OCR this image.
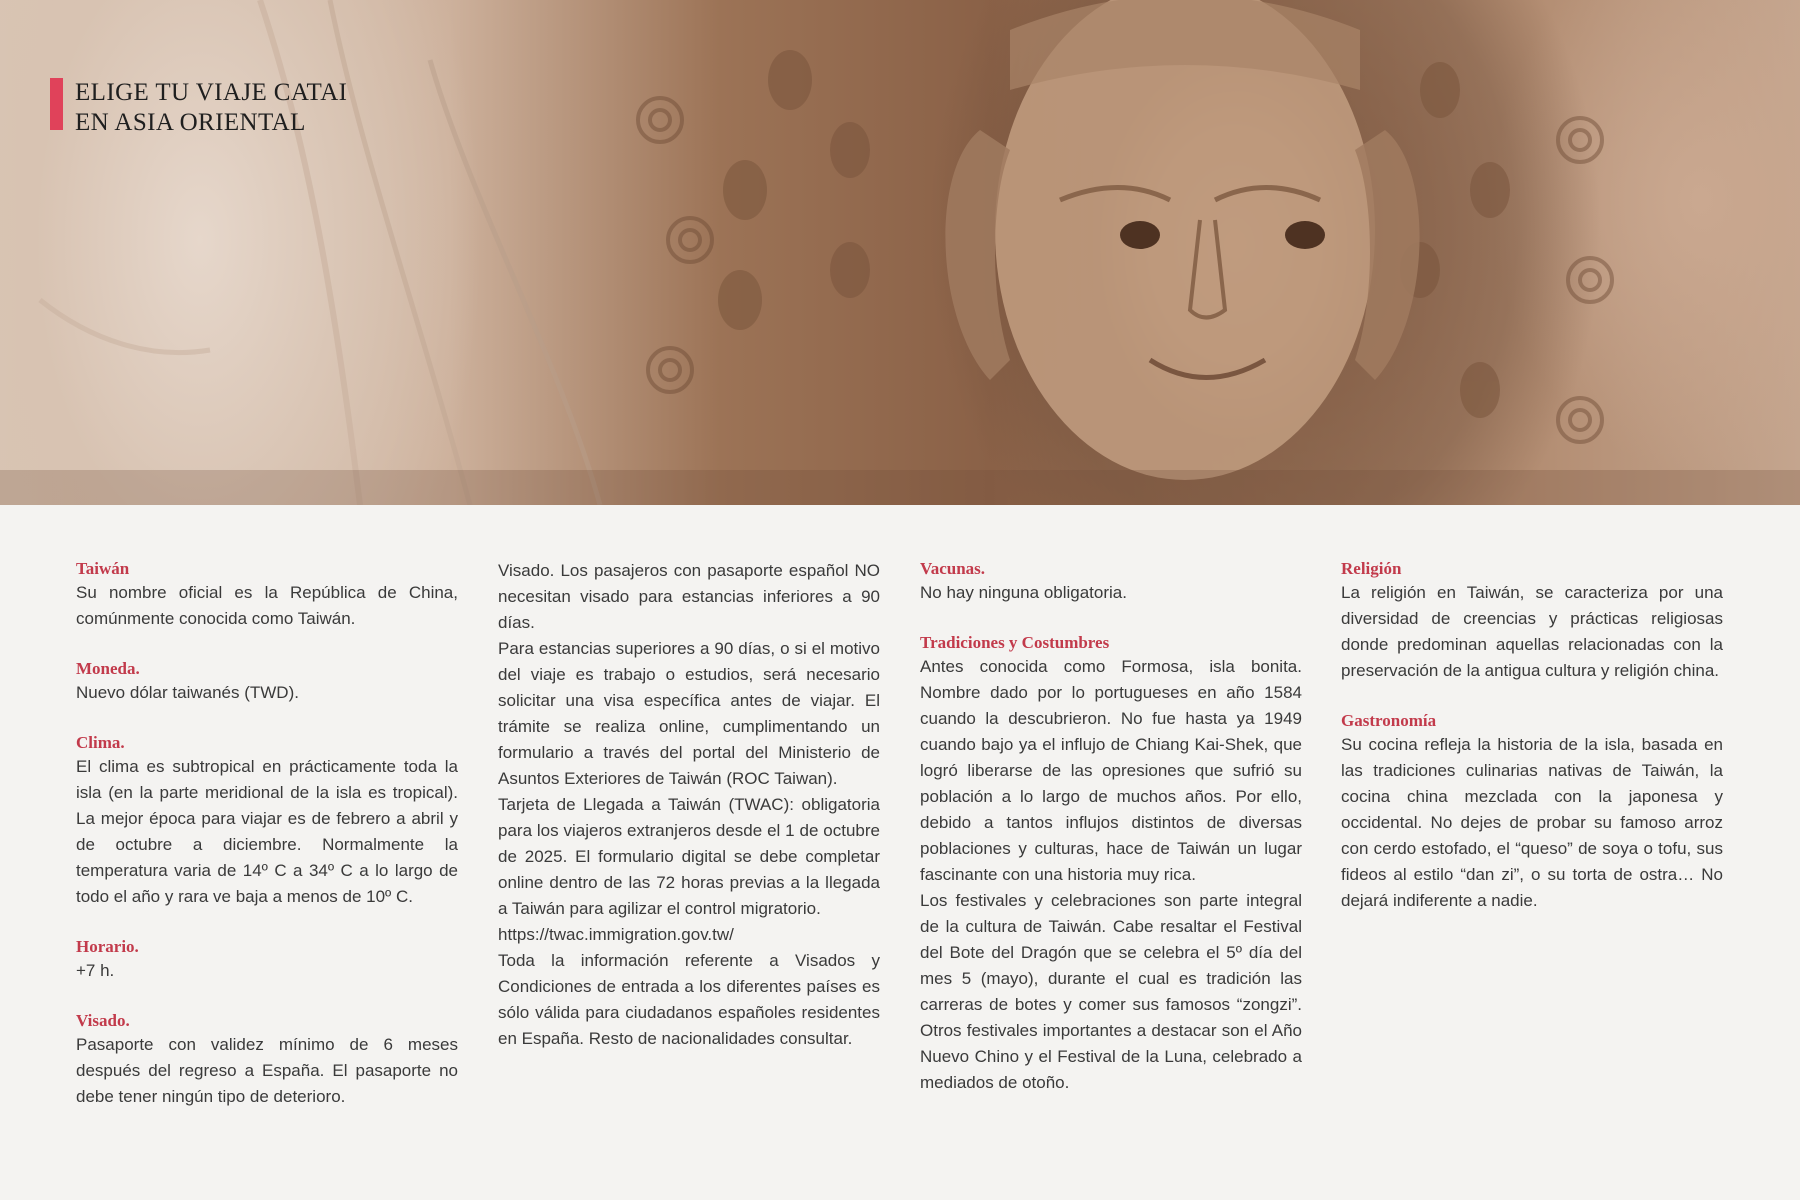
ELIGE TU VIAJE CATAI
EN ASIA ORIENTAL
Taiwán
Su nombre oficial es la República de China, comúnmente conocida como Taiwán.
Moneda.
Nuevo dólar taiwanés (TWD).
Clima.
El clima es subtropical en prácticamente toda la isla (en la parte meridional de la isla es tropical). La mejor época para viajar es de febrero a abril y de octubre a diciembre. Normalmente la temperatura varia de 14º C a 34º C a lo largo de todo el año y rara ve baja a menos de 10º C.
Horario.
+7 h.
Visado.
Pasaporte con validez mínimo de 6 meses después del regreso a España. El pasaporte no debe tener ningún tipo de deterioro.
Visado. Los pasajeros con pasaporte español NO necesitan visado para estancias inferiores a 90 días.
Para estancias superiores a 90 días, o si el motivo del viaje es trabajo o estudios, será necesario solicitar una visa específica antes de viajar. El trámite se realiza online, cumplimentando un formulario a través del portal del Ministerio de Asuntos Exteriores de Taiwán (ROC Taiwan).
Tarjeta de Llegada a Taiwán (TWAC): obligatoria para los viajeros extranjeros desde el 1 de octubre de 2025. El formulario digital se debe completar online dentro de las 72 horas previas a la llegada a Taiwán para agilizar el control migratorio.
https://twac.immigration.gov.tw/
Toda la información referente a Visados y Condiciones de entrada a los diferentes países es sólo válida para ciudadanos españoles residentes en España. Resto de nacionalidades consultar.
Vacunas.
No hay ninguna obligatoria.
Tradiciones y Costumbres
Antes conocida como Formosa, isla bonita. Nombre dado por lo portugueses en año 1584 cuando la descubrieron. No fue hasta ya 1949 cuando bajo ya el influjo de Chiang Kai-Shek, que logró liberarse de las opresiones que sufrió su población a lo largo de muchos años. Por ello, debido a tantos influjos distintos de diversas poblaciones y culturas, hace de Taiwán un lugar fascinante con una historia muy rica.
Los festivales y celebraciones son parte integral de la cultura de Taiwán. Cabe resaltar el Festival del Bote del Dragón que se celebra el 5º día del mes 5 (mayo), durante el cual es tradición las carreras de botes y comer sus famosos “zongzi”. Otros festivales importantes a destacar son el Año Nuevo Chino y el Festival de la Luna, celebrado a mediados de otoño.
Religión
La religión en Taiwán, se caracteriza por una diversidad de creencias y prácticas religiosas donde predominan aquellas relacionadas con la preservación de la antigua cultura y religión china.
Gastronomía
Su cocina refleja la historia de la isla, basada en las tradiciones culinarias nativas de Taiwán, la cocina china mezclada con la japonesa y occidental. No dejes de probar su famoso arroz con cerdo estofado, el “queso” de soya o tofu, sus fideos al estilo “dan zi”, o su torta de ostra… No dejará indiferente a nadie.
